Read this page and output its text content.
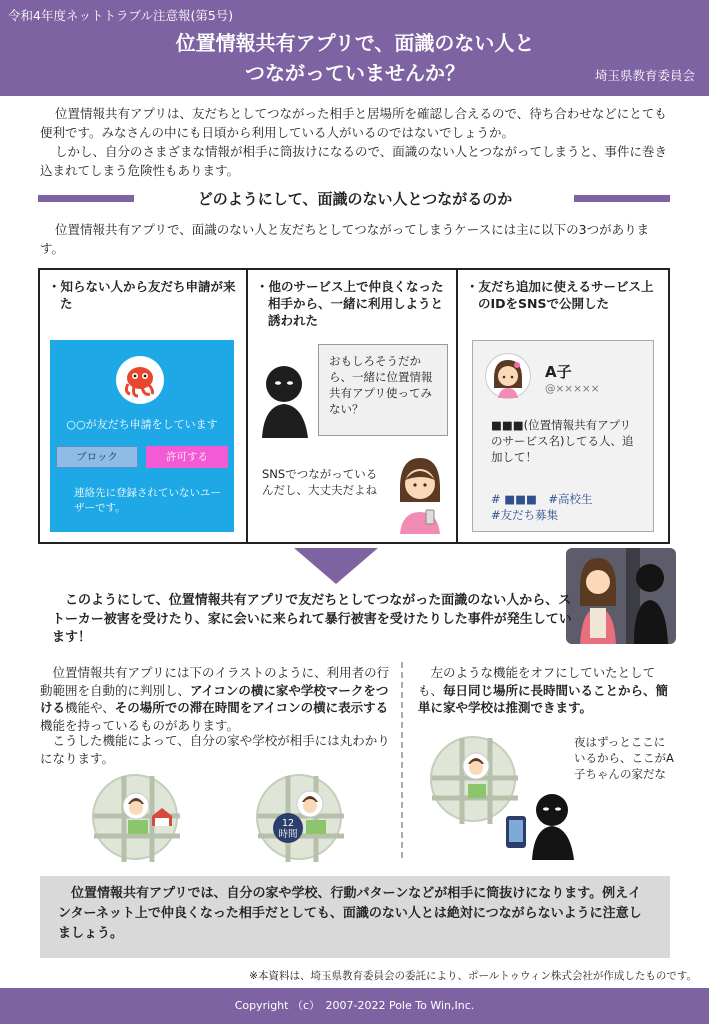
令和4年度ネットトラブル注意報(第5号)
位置情報共有アプリで、面識のない人と
つながっていませんか？	埼玉県教育委員会

位置情報共有アプリは、友だちとしてつながった相手と居場所を確認し合えるので、待ち合わせなどにとても便利です。みなさんの中にも日頃から利用している人がいるのではないでしょうか。

しかし、自分のさまざまな情報が相手に筒抜けになるので、面識のない人とつながってしまうと、事件に巻き込まれてしまう危険性もあります。

どのようにして、面識のない人とつながるのか
位置情報共有アプリで、面識のない人と友だちとしてつながってしまうケースには主に以下の3つがあります。
・知らない人から友だち申請が来た
○○が友だち申請をしています
ブロック	許可する
連絡先に登録されていないユーザーです。
・他のサービス上で仲良くなった相手から、一緒に利用しようと誘われた
おもしろそうだから、一緒に位置情報共有アプリ使ってみない？
SNSでつながっているんだし、大丈夫だよね
・友だち追加に使えるサービス上のIDをSNSで公開した
A子
@×××××
■■■(位置情報共有アプリのサービス名)してる人、追加して！
# ■■■　#高校生
#友だち募集
このようにして、位置情報共有アプリで友だちとしてつながった面識のない人から、ストーカー被害を受けたり、家に会いに来られて暴行被害を受けたりした事件が発生しています！
位置情報共有アプリには下のイラストのように、利用者の行動範囲を自動的に判別し、アイコンの横に家や学校マークをつける機能や、その場所での滞在時間をアイコンの横に表示する機能を持っているものがあります。
こうした機能によって、自分の家や学校が相手には丸わかりになります。
12
時間
左のような機能をオフにしていたとしても、毎日同じ場所に長時間いることから、簡単に家や学校は推測できます。
夜はずっとここにいるから、ここがA子ちゃんの家だな
位置情報共有アプリでは、自分の家や学校、行動パターンなどが相手に筒抜けになります。例えインターネット上で仲良くなった相手だとしても、面識のない人とは絶対につながらないように注意しましょう。
※本資料は、埼玉県教育委員会の委託により、ポールトゥウィン株式会社が作成したものです。
Copyright （c）　2007-2022 Pole To Win,Inc.
